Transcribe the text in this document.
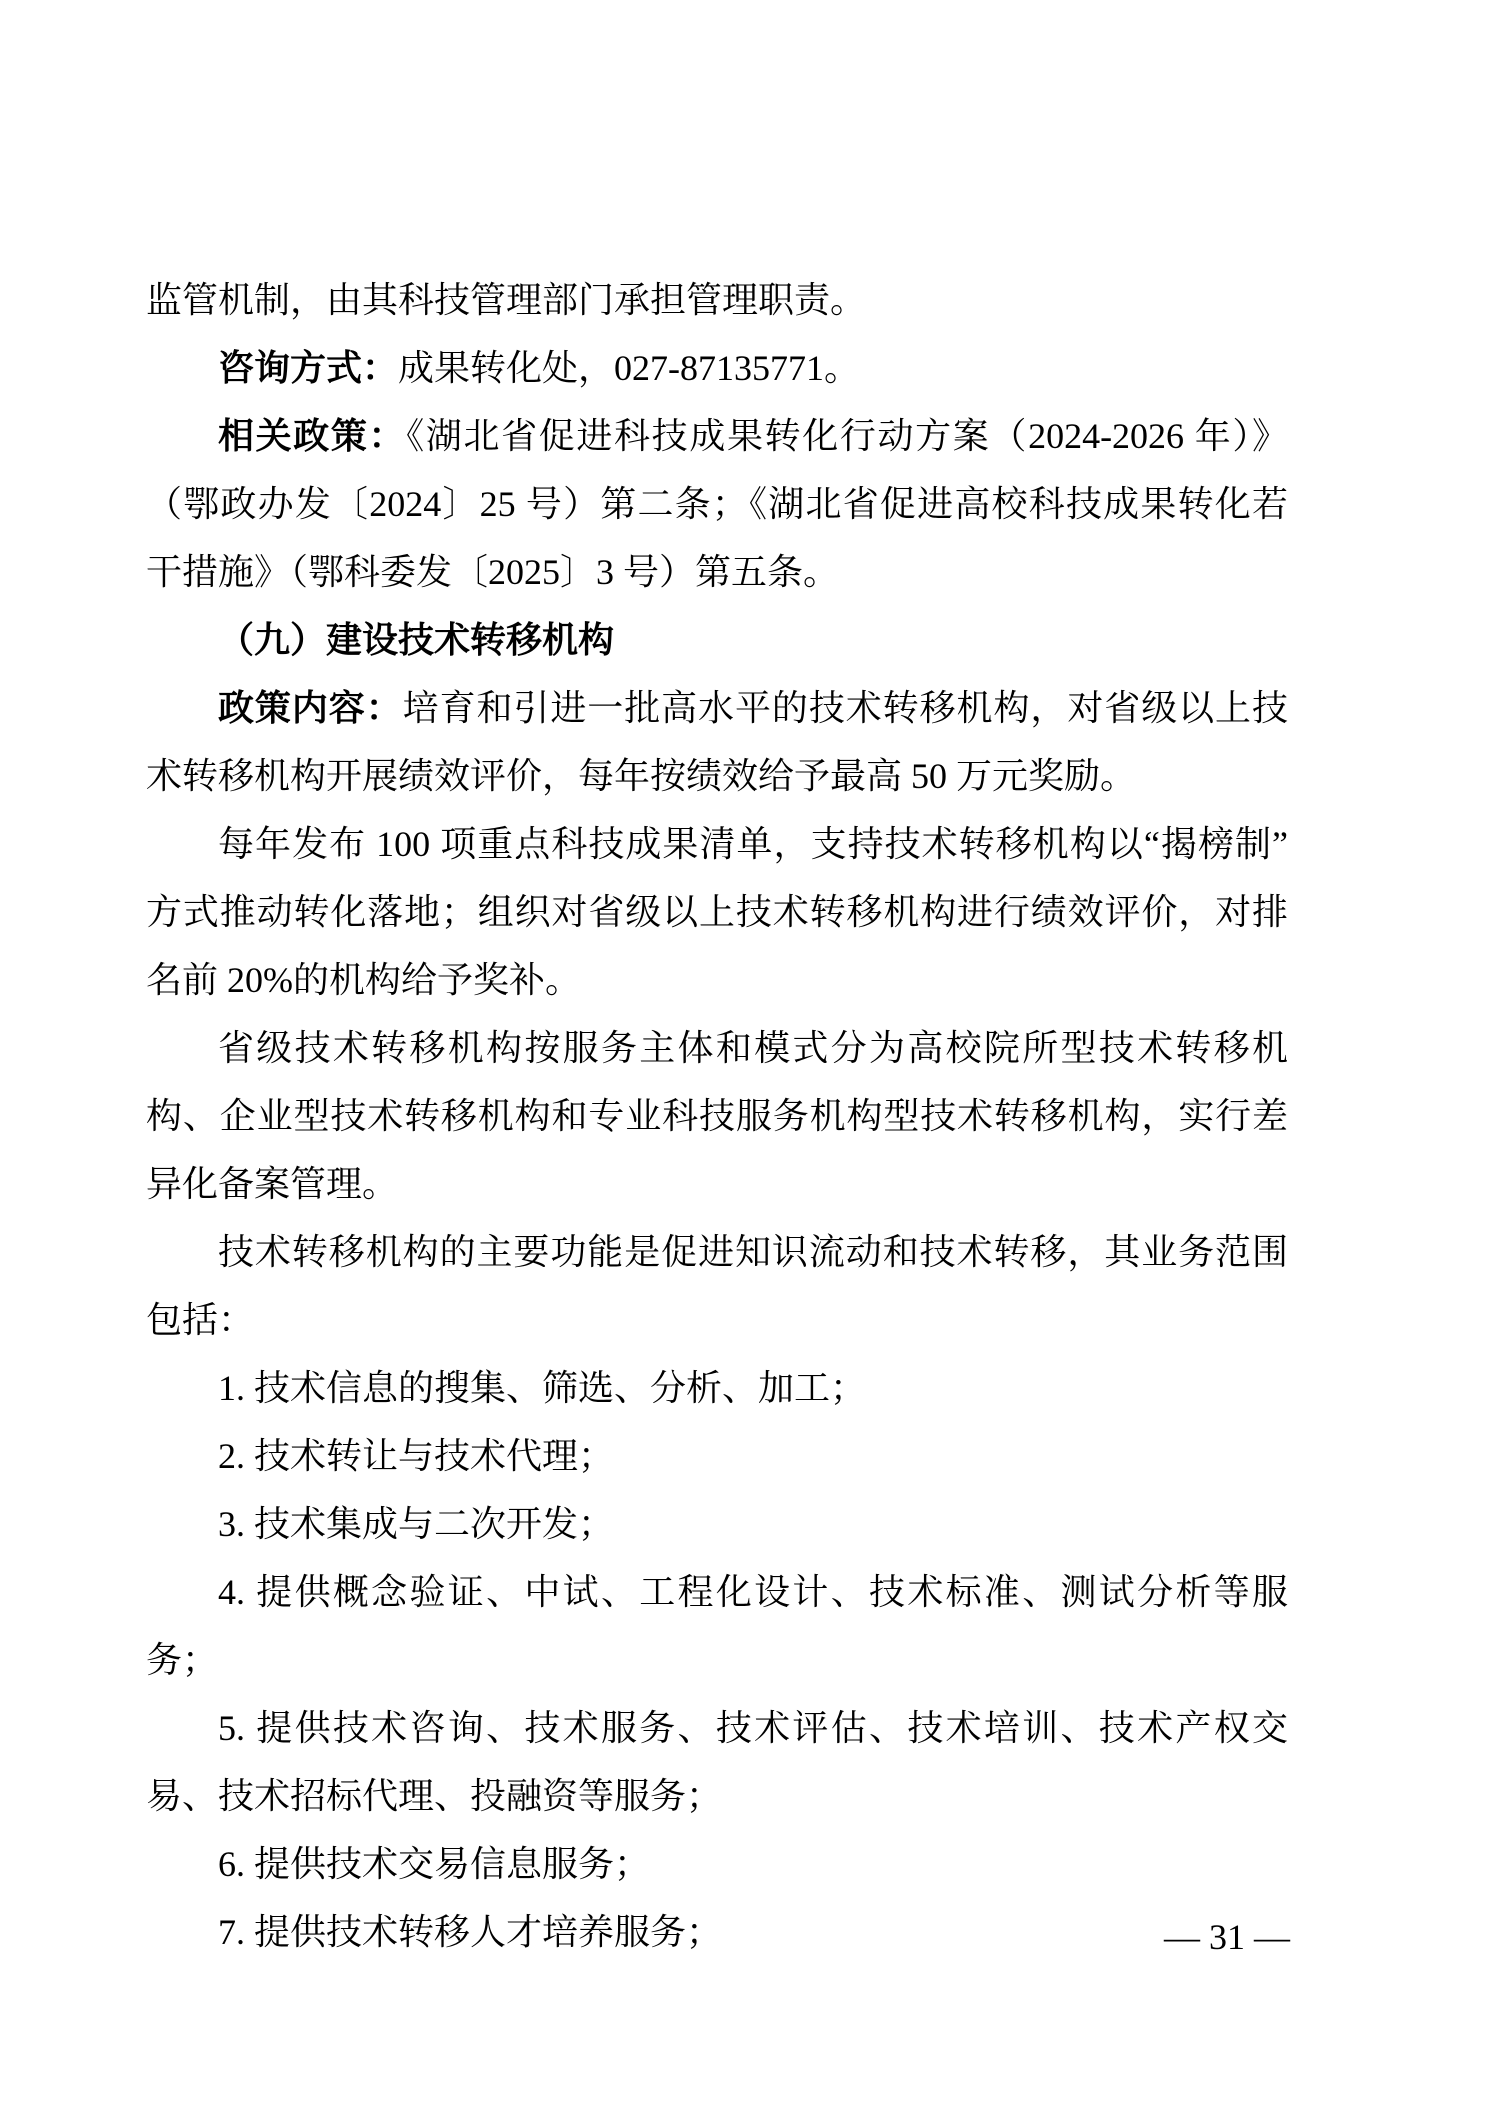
监管机制，由其科技管理部门承担管理职责。

咨询方式：成果转化处，027-87135771。

相关政策：《湖北省促进科技成果转化行动方案（2024-2026 年）》（鄂政办发〔2024〕25 号）第二条；《湖北省促进高校科技成果转化若干措施》（鄂科委发〔2025〕3 号）第五条。

（九）建设技术转移机构

政策内容：培育和引进一批高水平的技术转移机构，对省级以上技术转移机构开展绩效评价，每年按绩效给予最高 50 万元奖励。

每年发布 100 项重点科技成果清单，支持技术转移机构以“揭榜制”方式推动转化落地；组织对省级以上技术转移机构进行绩效评价，对排名前 20%的机构给予奖补。

省级技术转移机构按服务主体和模式分为高校院所型技术转移机构、企业型技术转移机构和专业科技服务机构型技术转移机构，实行差异化备案管理。

技术转移机构的主要功能是促进知识流动和技术转移，其业务范围包括：

1. 技术信息的搜集、筛选、分析、加工；

2. 技术转让与技术代理；

3. 技术集成与二次开发；

4. 提供概念验证、中试、工程化设计、技术标准、测试分析等服务；

5. 提供技术咨询、技术服务、技术评估、技术培训、技术产权交易、技术招标代理、投融资等服务；

6. 提供技术交易信息服务；

7. 提供技术转移人才培养服务；	— 31 —
